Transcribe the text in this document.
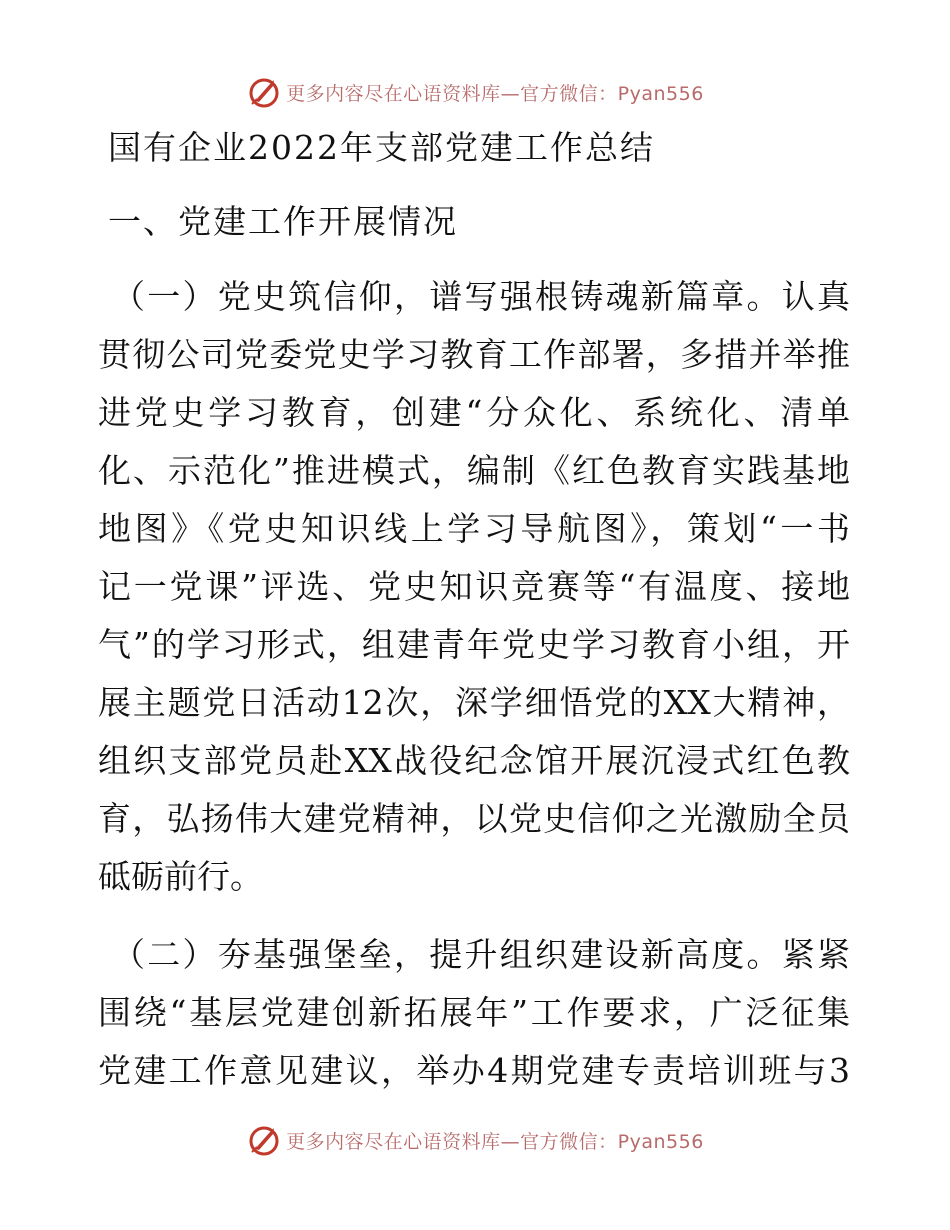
更多内容尽在心语资料库—官方微信：Pyan556
国有企业2022年支部党建工作总结
一、党建工作开展情况

（一）党史筑信仰，谱写强根铸魂新篇章。认真
贯彻公司党委党史学习教育工作部署，多措并举推
进党史学习教育，创建“分众化、系统化、清单
化、示范化”推进模式，编制《红色教育实践基地
地图》《党史知识线上学习导航图》，策划“一书
记一党课”评选、党史知识竞赛等“有温度、接地
气”的学习形式，组建青年党史学习教育小组，开
展主题党日活动12次，深学细悟党的XX大精神，
组织支部党员赴XX战役纪念馆开展沉浸式红色教
育，弘扬伟大建党精神，以党史信仰之光激励全员
砥砺前行。

（二）夯基强堡垒，提升组织建设新高度。紧紧
围绕“基层党建创新拓展年”工作要求，广泛征集
党建工作意见建议，举办4期党建专责培训班与3

更多内容尽在心语资料库—官方微信：Pyan556
